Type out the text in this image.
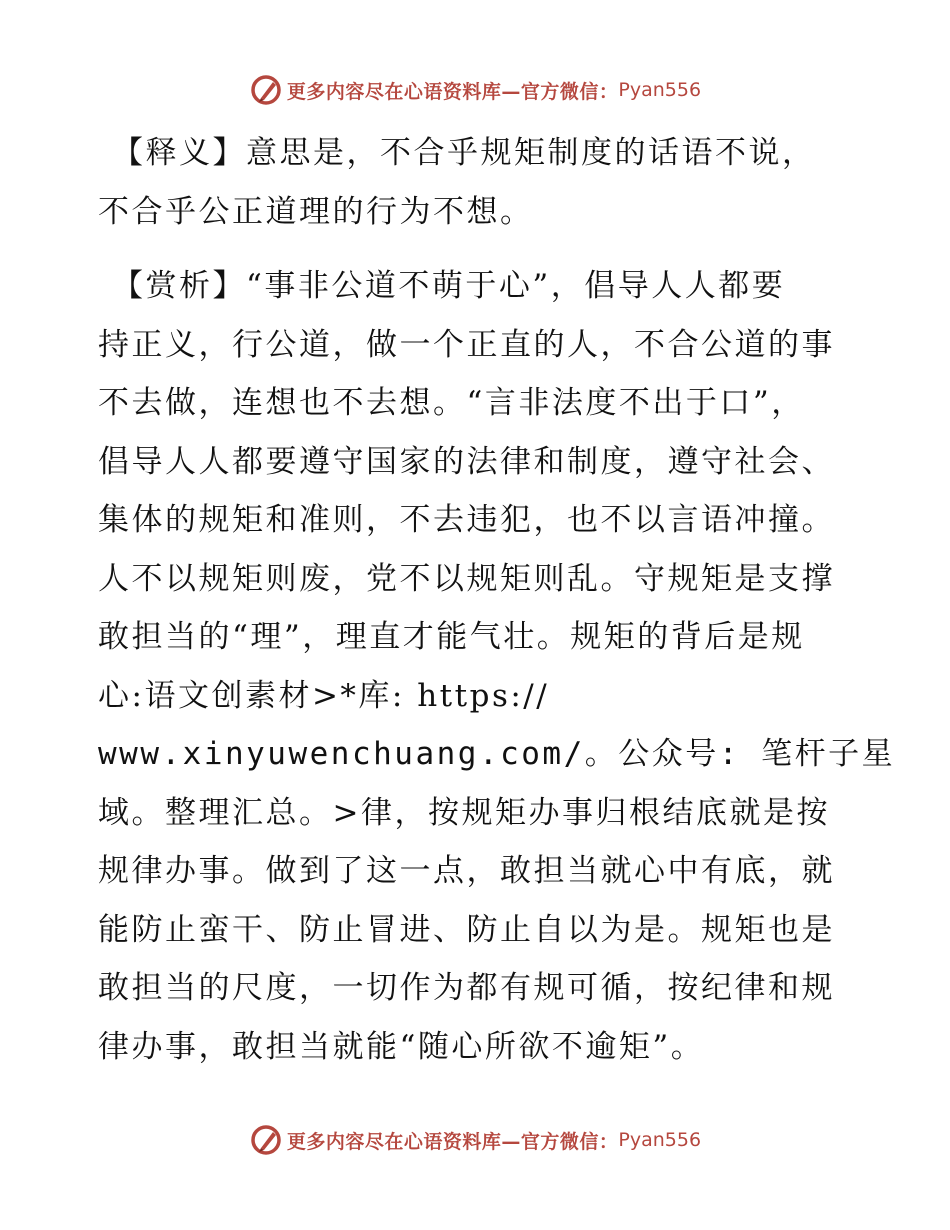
更多内容尽在心语资料库—官方微信： Pyan556

【释义】意思是，不合乎规矩制度的话语不说，
不合乎公正道理的行为不想。

【赏析】“事非公道不萌于心”，倡导人人都要
持正义，行公道，做一个正直的人，不合公道的事
不去做，连想也不去想。“言非法度不出于口”，
倡导人人都要遵守国家的法律和制度，遵守社会、
集体的规矩和准则，不去违犯，也不以言语冲撞。
人不以规矩则废，党不以规矩则乱。守规矩是支撑
敢担当的“理”，理直才能气壮。规矩的背后是规
心:语文创素材>*库: https://
www.xinyuwenchuang.com/。公众号: 笔杆子星
域。整理汇总。>律，按规矩办事归根结底就是按
规律办事。做到了这一点，敢担当就心中有底，就
能防止蛮干、防止冒进、防止自以为是。规矩也是
敢担当的尺度，一切作为都有规可循，按纪律和规
律办事，敢担当就能“随心所欲不逾矩”。

更多内容尽在心语资料库—官方微信： Pyan556
